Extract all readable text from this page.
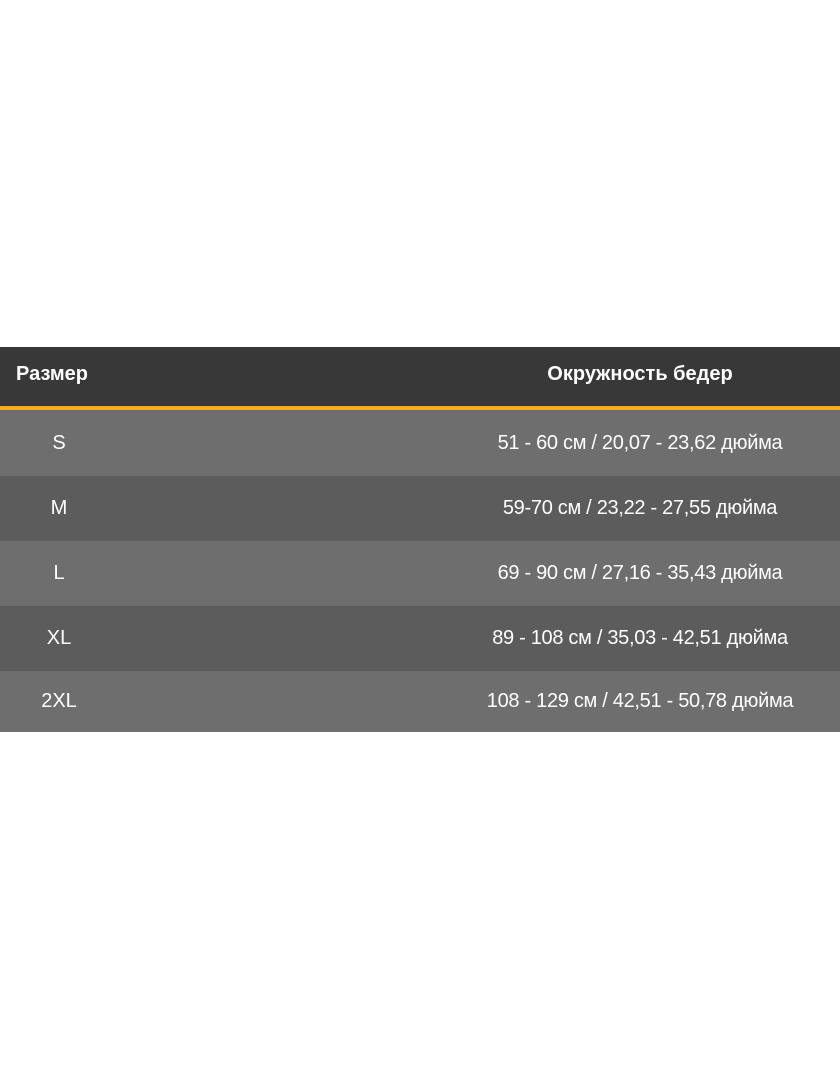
Размер	Окружность бедер
S	51 - 60 см / 20,07 - 23,62 дюйма
M	59-70 см / 23,22 - 27,55 дюйма
L	69 - 90 см / 27,16 - 35,43 дюйма
XL	89 - 108 см / 35,03 - 42,51 дюйма
2XL	108 - 129 см / 42,51 - 50,78 дюйма
